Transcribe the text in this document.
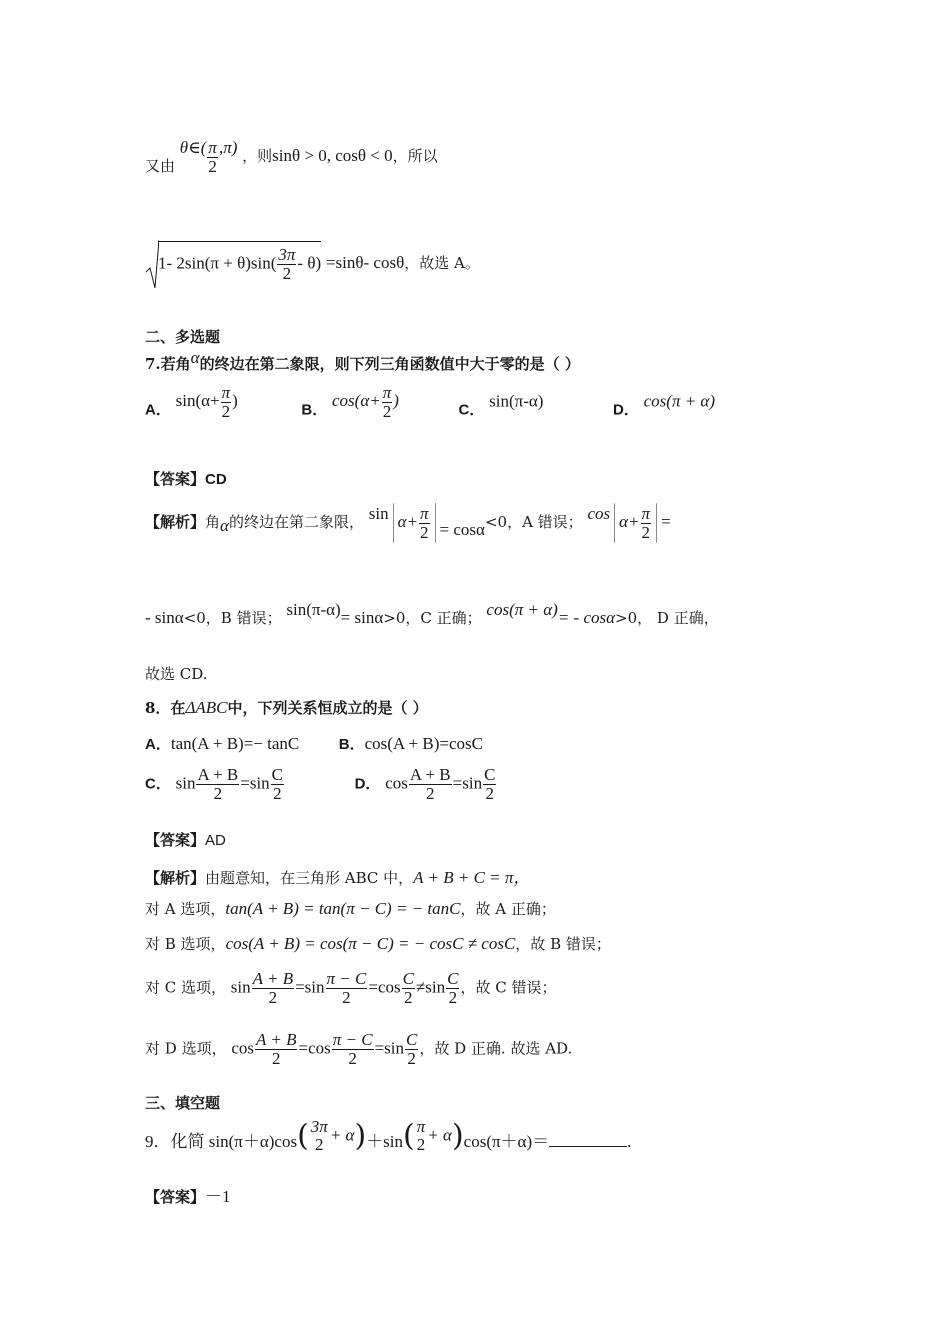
又由 θ∈( $\frac{\pi}{2} ,\pi$) ，则sinθ > 0, cosθ < 0，所以
1- $2\sin(\pi + \theta)\sin( \frac{3\pi}{2} - \theta) =\sin\theta-$ cosθ，故选 A。
二、多选题
7.若角α的终边在第二象限，则下列三角函数值中大于零的是（ ）
A． $\sin(\alpha+ \frac{\pi}{2}$ )	B． $\cos(\alpha+ \frac{\pi}{2}$ )	C． sin(π-α)	D． cos(π + α)
【答案】CD
【解析】角α的终边在第二象限， $\sin \alpha+ \frac{\pi}{2} = \cos\alpha<0$，A 错误； $\cos \alpha+ \frac{\pi}{2}$ =
- sinα<0，B 错误； sin(π-α)= sinα>0，C 正确； cos(π + α)= - cosα>0， D 正确，
故选 CD.
8．在ΔABC中，下列关系恒成立的是（ ）
A．tan(A + B)=− tanC	B．cos(A + B)=cosC
C． $\sin \frac{A + B}{2} =\sin \frac{C}{2}$	D． $\cos \frac{A + B}{2} =\sin \frac{C}{2}$
【答案】AD
【解析】由题意知，在三角形 ABC 中，A + B + C = π，
对 A 选项，tan(A + B) = tan(π − C) = − tanC，故 A 正确；
对 B 选项，cos(A + B) = cos(π − C) = − cosC ≠ cosC，故 B 错误；
对 C 选项， $\sin \frac{A + B}{2} =\sin \frac{\pi - C}{2} =\cos \frac{C}{2} \ne\sin \frac{C}{2}$ ，故 C 错误；
对 D 选项， $\cos \frac{A + B}{2} =\cos \frac{\pi - C}{2} =\sin \frac{C}{2}$ ，故 D 正确. 故选 AD.
三、填空题
9．化简 sin(π＋α)cos( 3π
2 + α)＋sin( π
2 + α)cos(π＋α)＝	.
【答案】－1
